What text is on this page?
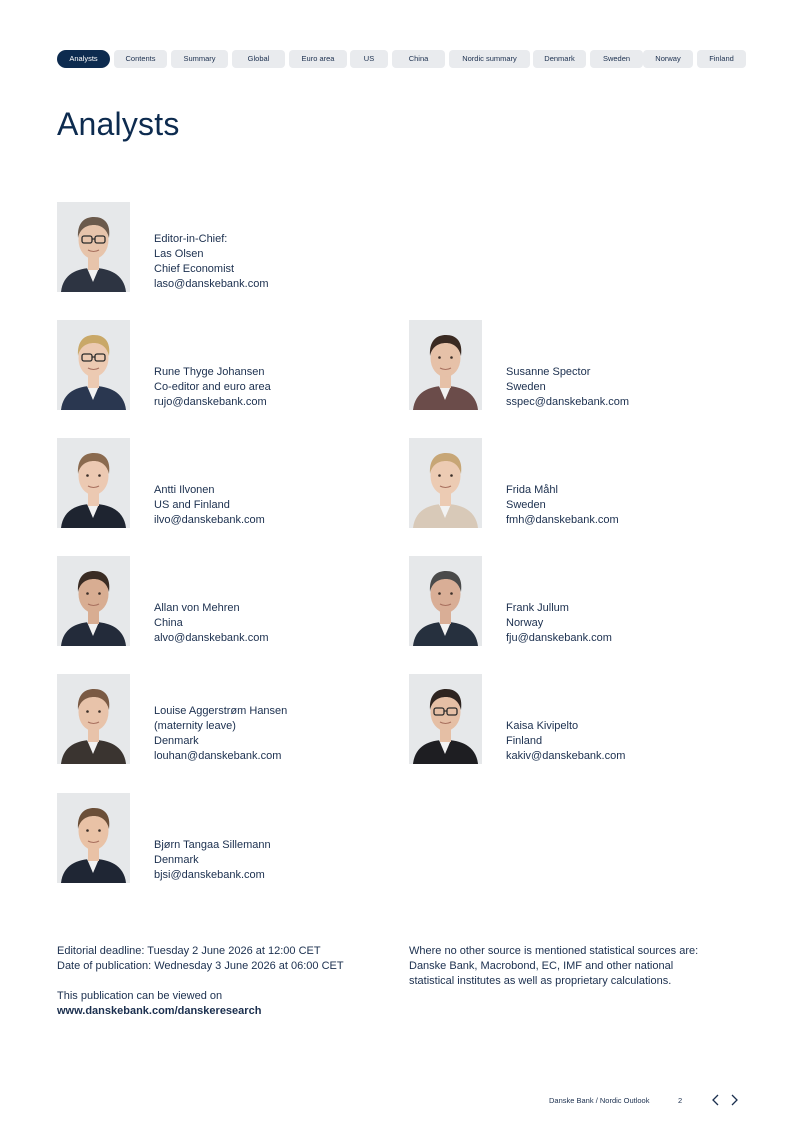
Analysts	Contents	Summary	Global	Euro area	US	China	Nordic summary	Denmark	Sweden	Norway	Finland
Analysts
Editor-in-Chief:
Las Olsen
Chief Economist
laso@danskebank.com
Rune Thyge Johansen
Co-editor and euro area
rujo@danskebank.com
Antti Ilvonen
US and Finland
ilvo@danskebank.com
Allan von Mehren
China
alvo@danskebank.com
Louise Aggerstrøm Hansen
(maternity leave)
Denmark
louhan@danskebank.com
Bjørn Tangaa Sillemann
Denmark
bjsi@danskebank.com
Susanne Spector
Sweden
sspec@danskebank.com
Frida Måhl
Sweden
fmh@danskebank.com
Frank Jullum
Norway
fju@danskebank.com
Kaisa Kivipelto
Finland
kakiv@danskebank.com
Editorial deadline: Tuesday 2 June 2026 at 12:00 CET
Date of publication: Wednesday 3 June 2026 at 06:00 CET
This publication can be viewed on
www.danskebank.com/danskeresearch
Where no other source is mentioned statistical sources are:
Danske Bank, Macrobond, EC, IMF and other national
statistical institutes as well as proprietary calculations.
Danske Bank / Nordic Outlook	2
